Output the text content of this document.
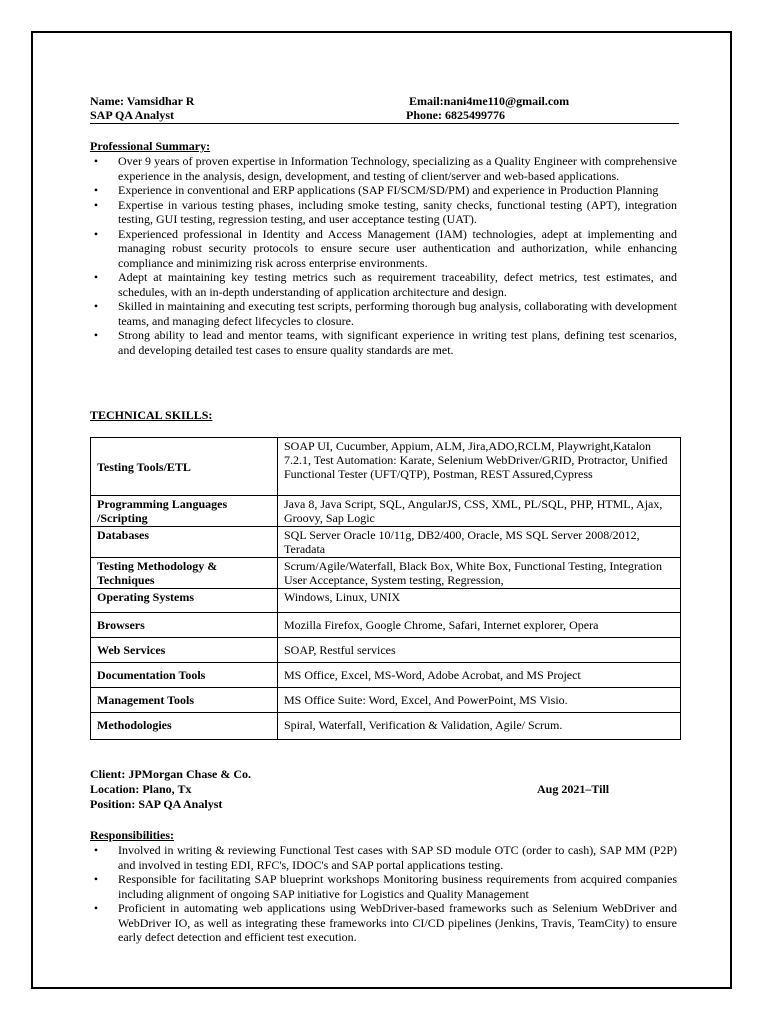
Name: Vamsidhar R
SAP QA Analyst
Email:nani4me110@gmail.com
Phone: 6825499776
Professional Summary:
• Over 9 years of proven expertise in Information Technology, specializing as a Quality Engineer with comprehensive experience in the analysis, design, development, and testing of client/server and web-based applications.
• Experience in conventional and ERP applications (SAP FI/SCM/SD/PM) and experience in Production Planning
• Expertise in various testing phases, including smoke testing, sanity checks, functional testing (APT), integration testing, GUI testing, regression testing, and user acceptance testing (UAT).
• Experienced professional in Identity and Access Management (IAM) technologies, adept at implementing and managing robust security protocols to ensure secure user authentication and authorization, while enhancing compliance and minimizing risk across enterprise environments.
• Adept at maintaining key testing metrics such as requirement traceability, defect metrics, test estimates, and schedules, with an in-depth understanding of application architecture and design.
• Skilled in maintaining and executing test scripts, performing thorough bug analysis, collaborating with development teams, and managing defect lifecycles to closure.
• Strong ability to lead and mentor teams, with significant experience in writing test plans, defining test scenarios, and developing detailed test cases to ensure quality standards are met.
TECHNICAL SKILLS:
Testing Tools/ETL	SOAP UI, Cucumber, Appium, ALM, Jira,ADO,RCLM, Playwright,Katalon 7.2.1, Test Automation: Karate, Selenium WebDriver/GRID, Protractor, Unified Functional Tester (UFT/QTP), Postman, REST Assured,Cypress
Programming Languages /Scripting	Java 8, Java Script, SQL, AngularJS, CSS, XML, PL/SQL, PHP, HTML, Ajax, Groovy, Sap Logic
Databases	SQL Server Oracle 10/11g, DB2/400, Oracle, MS SQL Server 2008/2012, Teradata
Testing Methodology & Techniques	Scrum/Agile/Waterfall, Black Box, White Box, Functional Testing, Integration User Acceptance, System testing, Regression,
Operating Systems	Windows, Linux, UNIX
Browsers	Mozilla Firefox, Google Chrome, Safari, Internet explorer, Opera
Web Services	SOAP, Restful services
Documentation Tools	MS Office, Excel, MS-Word, Adobe Acrobat, and MS Project
Management Tools	MS Office Suite: Word, Excel, And PowerPoint, MS Visio.
Methodologies	Spiral, Waterfall, Verification & Validation, Agile/ Scrum.
Client: JPMorgan Chase & Co.
Location: Plano, Tx
Position: SAP QA Analyst
Aug 2021–Till
Responsibilities:
• Involved in writing & reviewing Functional Test cases with SAP SD module OTC (order to cash), SAP MM (P2P) and involved in testing EDI, RFC's, IDOC's and SAP portal applications testing.
• Responsible for facilitating SAP blueprint workshops Monitoring business requirements from acquired companies including alignment of ongoing SAP initiative for Logistics and Quality Management
• Proficient in automating web applications using WebDriver-based frameworks such as Selenium WebDriver and WebDriver IO, as well as integrating these frameworks into CI/CD pipelines (Jenkins, Travis, TeamCity) to ensure early defect detection and efficient test execution.
